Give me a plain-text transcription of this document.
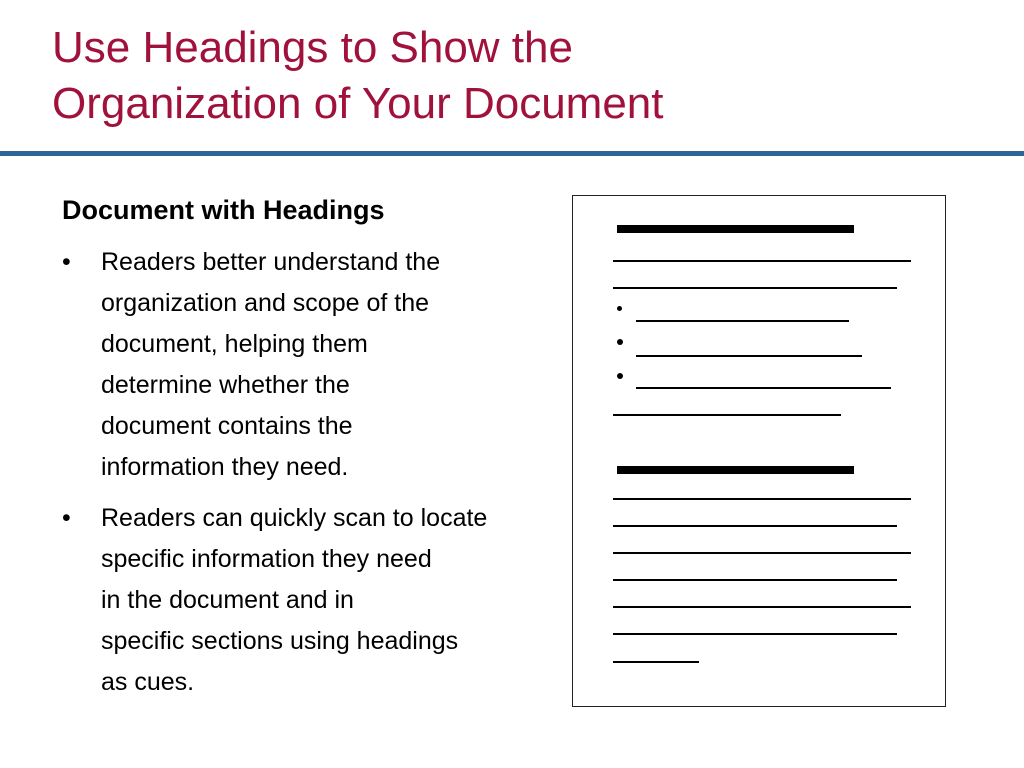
Use Headings to Show the
Organization of Your Document
Document with Headings
• Readers better understand the
organization and scope of the
document, helping them
determine whether the
document contains the
information they need.
• Readers can quickly scan to locate
specific information they need
in the document and in
specific sections using headings
as cues.
